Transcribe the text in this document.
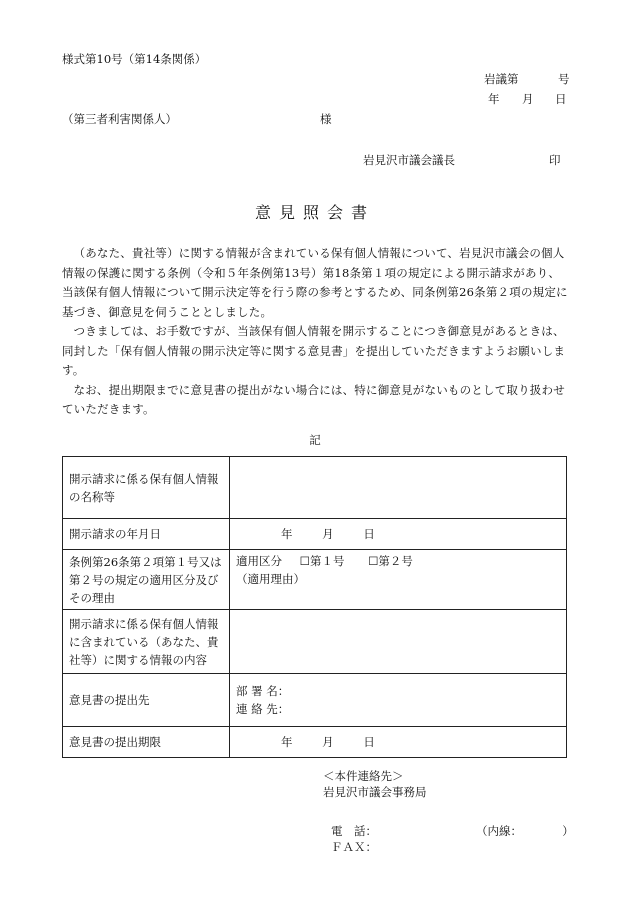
様式第10号（第14条関係）
岩議第	号
年 月 日
（第三者利害関係人）	様
岩見沢市議会議長	印
意見照会書

（あなた、貴社等）に関する情報が含まれている保有個人情報について、岩見沢市議会の個人情報の保護に関する条例（令和５年条例第13号）第18条第１項の規定による開示請求があり、当該保有個人情報について開示決定等を行う際の参考とするため、同条例第26条第２項の規定に基づき、御意見を伺うこととしました。

つきましては、お手数ですが、当該保有個人情報を開示することにつき御意見があるときは、同封した「保有個人情報の開示決定等に関する意見書」を提出していただきますようお願いします。

なお、提出期限までに意見書の提出がない場合には、特に御意見がないものとして取り扱わせていただきます。

記
開示請求に係る保有個人情報の名称等	
開示請求の年月日	年 月 日
条例第26条第２項第１号又は第２号の規定の適用区分及びその理由	適用区分 ☐第１号 ☐第２号
（適用理由）

開示請求に係る保有個人情報に含まれている（あなた、貴社等）に関する情報の内容	
意見書の提出先	部 署 名：
連 絡 先：

意見書の提出期限	年 月 日
＜本件連絡先＞
岩見沢市議会事務局
電　話：	（内線：　　　　）
ＦＡＸ：
